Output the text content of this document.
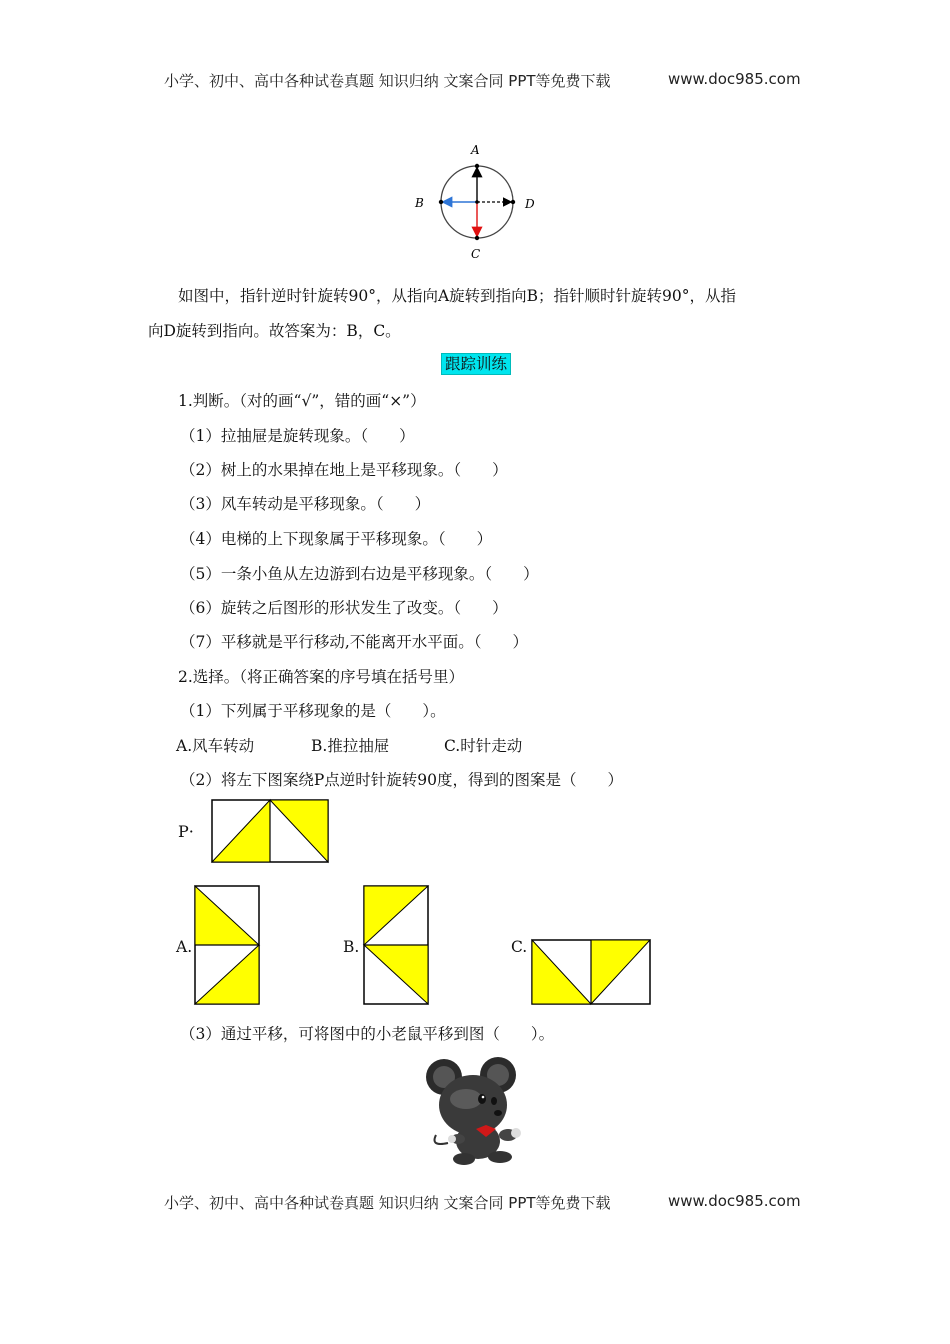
小学、初中、高中各种试卷真题 知识归纳 文案合同 PPT等免费下载	www.doc985.com
A
B
C
D
如图中，指针逆时针旋转90°，从指向A旋转到指向B；指针顺时针旋转90°，从指
向D旋转到指向。故答案为：B，C。
跟踪训练
1.判断。（对的画“√”，错的画“×”）
（1）拉抽屉是旋转现象。（　　）
（2）树上的水果掉在地上是平移现象。（　　）
（3）风车转动是平移现象。（　　）
（4）电梯的上下现象属于平移现象。（　　）
（5）一条小鱼从左边游到右边是平移现象。（　　）
（6）旋转之后图形的形状发生了改变。（　　）
（7）平移就是平行移动,不能离开水平面。（　　）
2.选择。（将正确答案的序号填在括号里）
（1）下列属于平移现象的是（　　）。
A.风车转动	B.推拉抽屉	C.时针走动
（2）将左下图案绕P点逆时针旋转90度，得到的图案是（　　）
P·
A.	B.	C.
（3）通过平移，可将图中的小老鼠平移到图（　　）。
小学、初中、高中各种试卷真题 知识归纳 文案合同 PPT等免费下载	www.doc985.com
